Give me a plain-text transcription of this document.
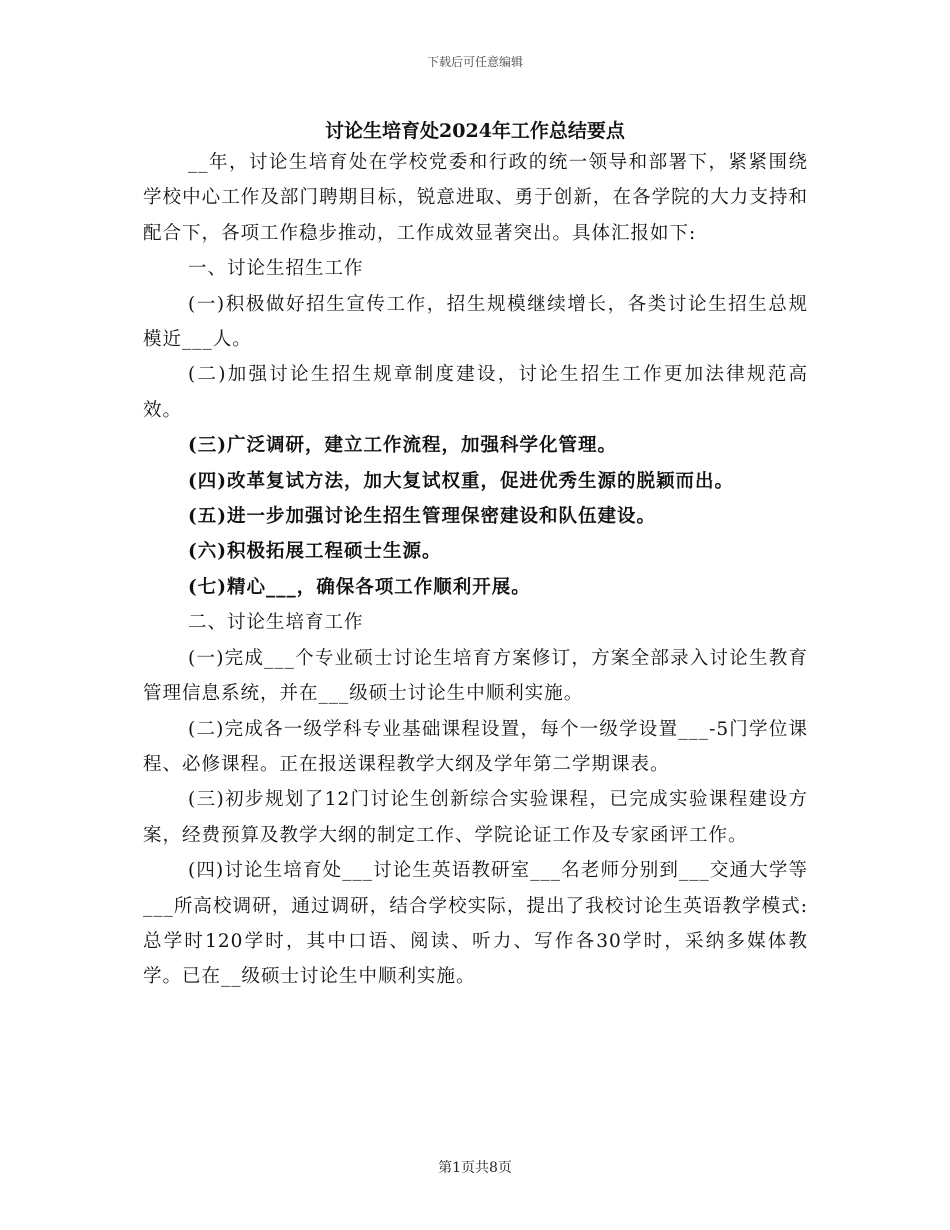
下载后可任意编辑
讨论生培育处2024年工作总结要点

__年，讨论生培育处在学校党委和行政的统一领导和部署下，紧紧围绕学校中心工作及部门聘期目标，锐意进取、勇于创新，在各学院的大力支持和配合下，各项工作稳步推动，工作成效显著突出。具体汇报如下:

一、讨论生招生工作

(一)积极做好招生宣传工作，招生规模继续增长，各类讨论生招生总规模近___人。

(二)加强讨论生招生规章制度建设，讨论生招生工作更加法律规范高效。

(三)广泛调研，建立工作流程，加强科学化管理。

(四)改革复试方法，加大复试权重，促进优秀生源的脱颖而出。

(五)进一步加强讨论生招生管理保密建设和队伍建设。

(六)积极拓展工程硕士生源。

(七)精心___，确保各项工作顺利开展。

二、讨论生培育工作

(一)完成___个专业硕士讨论生培育方案修订，方案全部录入讨论生教育管理信息系统，并在___级硕士讨论生中顺利实施。

(二)完成各一级学科专业基础课程设置，每个一级学设置___-5门学位课程、必修课程。正在报送课程教学大纲及学年第二学期课表。

(三)初步规划了12门讨论生创新综合实验课程，已完成实验课程建设方案，经费预算及教学大纲的制定工作、学院论证工作及专家函评工作。

(四)讨论生培育处___讨论生英语教研室___名老师分别到___交通大学等___所高校调研，通过调研，结合学校实际，提出了我校讨论生英语教学模式:总学时120学时，其中口语、阅读、听力、写作各30学时，采纳多媒体教学。已在__级硕士讨论生中顺利实施。

第1页共8页
